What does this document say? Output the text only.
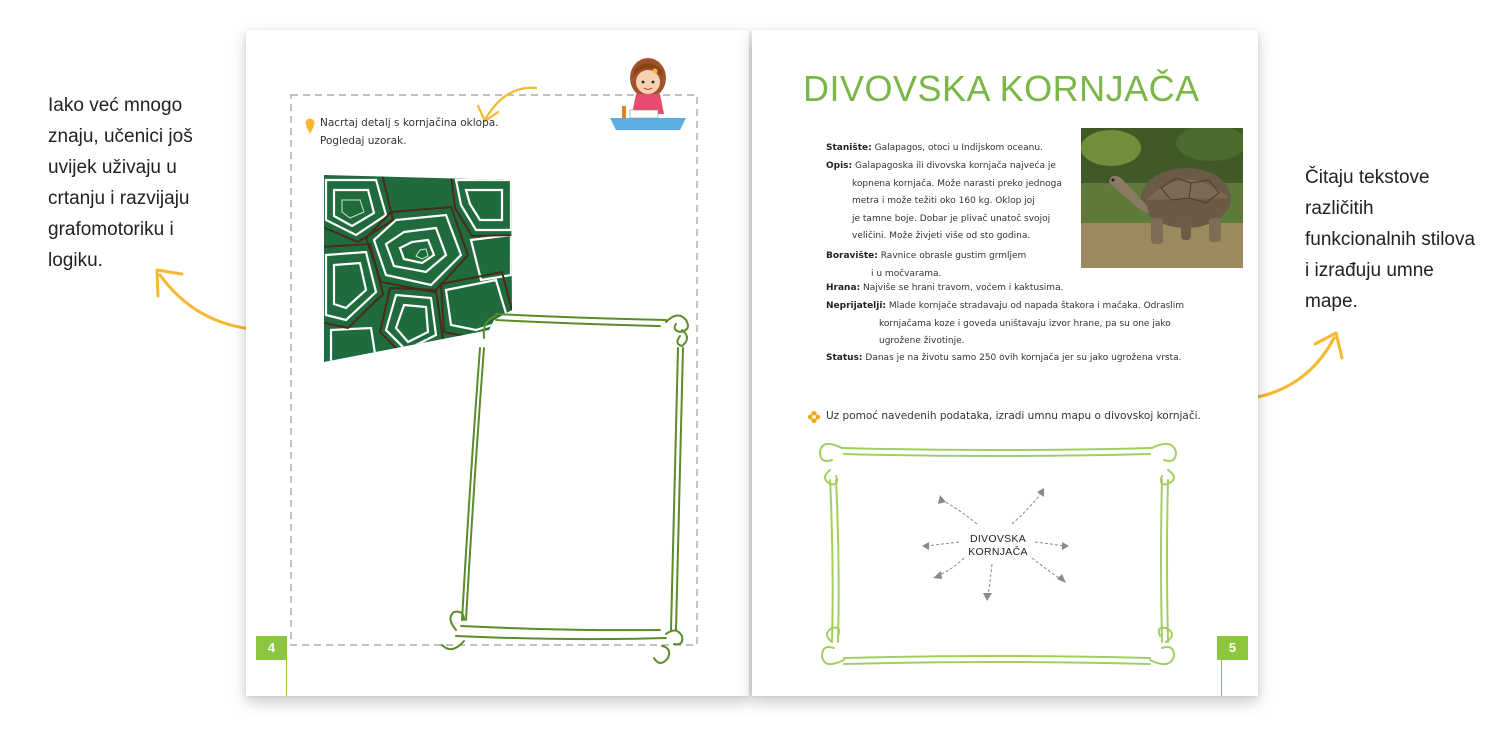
Iako već mnogo
znaju, učenici još
uvijek uživaju u
crtanju i razvijaju
grafomotoriku i
logiku.
Čitaju tekstove
različitih
funkcionalnih stilova
i izrađuju umne
mape.
Nacrtaj detalj s kornjačina oklopa.
Pogledaj uzorak.
4
DIVOVSKA KORNJAČA
Stanište: Galapagos, otoci u Indijskom oceanu.
Opis: Galapagoska ili divovska kornjača najveća je
kopnena kornjača. Može narasti preko jednoga
metra i može težiti oko 160 kg. Oklop joj
je tamne boje. Dobar je plivač unatoč svojoj
veličini. Može živjeti više od sto godina.
Boravište: Ravnice obrasle gustim grmljem
i u močvarama.
Hrana: Najviše se hrani travom, voćem i kaktusima.
Neprijatelji: Mlade kornjače stradavaju od napada štakora i mačaka. Odraslim
kornjačama koze i goveda uništavaju izvor hrane, pa su one jako
ugrožene životinje.
Status: Danas je na životu samo 250 ovih kornjača jer su jako ugrožena vrsta.
Uz pomoć navedenih podataka, izradi umnu mapu o divovskoj kornjači.
DIVOVSKA
KORNJAČA
5
